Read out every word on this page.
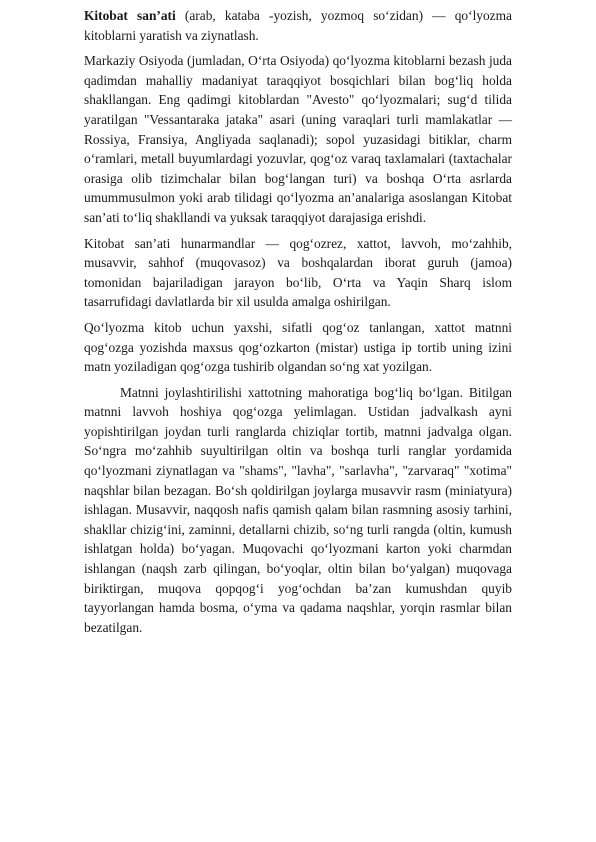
Kitobat san’ati (arab, kataba -yozish, yozmoq so‘zidan) — qo‘lyozma kitoblarni yaratish va ziynatlash.

Markaziy Osiyoda (jumladan, O‘rta Osiyoda) qo‘lyozma kitoblarni bezash juda qadimdan mahalliy madaniyat taraqqiyot bosqichlari bilan bog‘liq holda shakllangan. Eng qadimgi kitoblardan "Avesto" qo‘lyozmalari; sug‘d tilida yaratilgan "Vessantaraka jataka" asari (uning varaqlari turli mamlakatlar — Rossiya, Fransiya, Angliyada saqlanadi); sopol yuzasidagi bitiklar, charm o‘ramlari, metall buyumlardagi yozuvlar, qog‘oz varaq taxlamalari (taxtachalar orasiga olib tizimchalar bilan bog‘langan turi) va boshqa O‘rta asrlarda umummusulmon yoki arab tilidagi qo‘lyozma an’analariga asoslangan Kitobat san’ati to‘liq shakllandi va yuksak taraqqiyot darajasiga erishdi.

Kitobat san’ati hunarmandlar — qog‘ozrez, xattot, lavvoh, mo‘zahhib, musavvir, sahhof (muqovasoz) va boshqalardan iborat guruh (jamoa) tomonidan bajariladigan jarayon bo‘lib, O‘rta va Yaqin Sharq islom tasarrufidagi davlatlarda bir xil usulda amalga oshirilgan.

Qo‘lyozma kitob uchun yaxshi, sifatli qog‘oz tanlangan, xattot matnni qog‘ozga yozishda maxsus qog‘ozkarton (mistar) ustiga ip tortib uning izini matn yoziladigan qog‘ozga tushirib olgandan so‘ng xat yozilgan.

Matnni joylashtirilishi xattotning mahoratiga bog‘liq bo‘lgan. Bitilgan matnni lavvoh hoshiya qog‘ozga yelimlagan. Ustidan jadvalkash ayni yopishtirilgan joydan turli ranglarda chiziqlar tortib, matnni jadvalga olgan. So‘ngra mo‘zahhib suyultirilgan oltin va boshqa turli ranglar yordamida qo‘lyozmani ziynatlagan va "shams", "lavha", "sarlavha", "zarvaraq" "xotima" naqshlar bilan bezagan. Bo‘sh qoldirilgan joylarga musavvir rasm (miniatyura) ishlagan. Musavvir, naqqosh nafis qamish qalam bilan rasmning asosiy tarhini, shakllar chizig‘ini, zaminni, detallarni chizib, so‘ng turli rangda (oltin, kumush ishlatgan holda) bo‘yagan. Muqovachi qo‘lyozmani karton yoki charmdan ishlangan (naqsh zarb qilingan, bo‘yoqlar, oltin bilan bo‘yalgan) muqovaga biriktirgan, muqova qopqog‘i yog‘ochdan ba’zan kumushdan quyib tayyorlangan hamda bosma, o‘yma va qadama naqshlar, yorqin rasmlar bilan bezatilgan.
